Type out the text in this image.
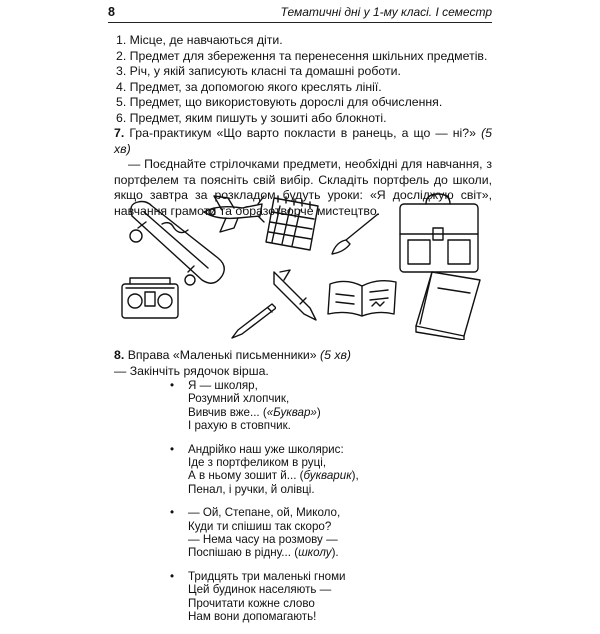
8	Тематичні дні у 1-му класі. І семестр
1. Місце, де навчаються діти.
2. Предмет для збереження та перенесення шкільних предметів.
3. Річ, у якій записують класні та домашні роботи.
4. Предмет, за допомогою якого креслять лінії.
5. Предмет, що використовують дорослі для обчислення.
6. Предмет, яким пишуть у зошиті або блокноті.
7. Гра-практикум «Що варто покласти в ранець, а що — ні?» (5 хв)
— Поєднайте стрілочками предмети, необхідні для навчання, з портфелем та поясніть свій вибір. Складіть портфель до школи, якщо завтра за розкладом будуть уроки: «Я досліджую світ», навчання грамоти та образотворче мистецтво.
8. Вправа «Маленькі письменники» (5 хв)
— Закінчіть рядочок вірша.
• Я — школяр,
Розумний хлопчик,
Вивчив вже... («Буквар»)
І рахую в стовпчик.
• Андрійко наш уже школяриc:
Іде з портфеликом в руці,
А в ньому зошит й... (букварик),
Пенал, і ручки, й олівці.
• — Ой, Степане, ой, Миколо,
Куди ти спішиш так скоро?
— Нема часу на розмову —
Поспішаю в рідну... (школу).
• Тридцять три маленькі гноми
Цей будинок населяють —
Прочитати кожне слово
Нам вони допомагають!
